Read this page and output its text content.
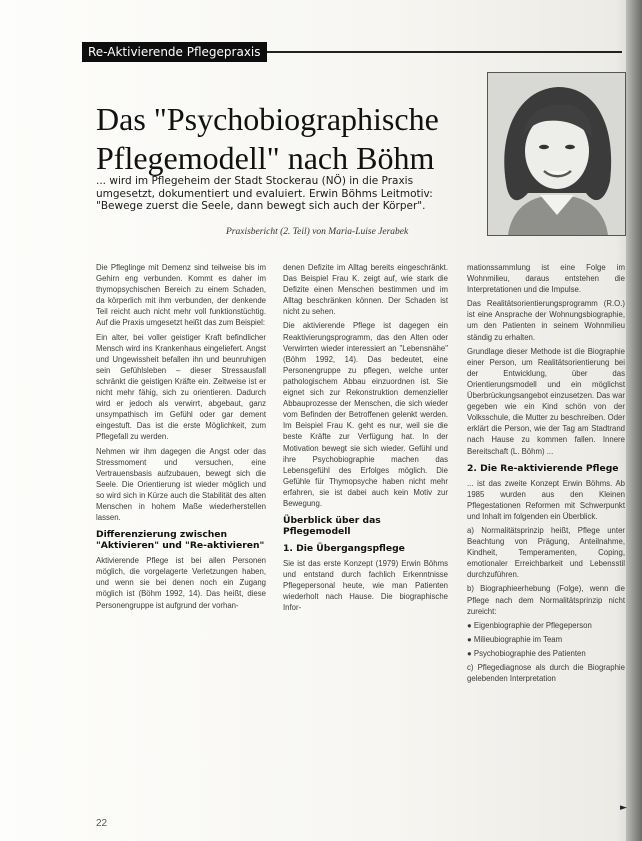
Re-Aktivierende Pflegepraxis
Das "Psychobiographische
Pflegemodell" nach Böhm
... wird im Pflegeheim der Stadt Stockerau (NÖ) in die Praxis umgesetzt, dokumentiert und evaluiert. Erwin Böhms Leitmotiv: "Bewege zuerst die Seele, dann bewegt sich auch der Körper".
Praxisbericht (2. Teil) von Maria-Luise Jerabek

Die Pfleglinge mit Demenz sind teilweise bis im Gehirn eng verbunden. Kommt es daher im thymopsychischen Bereich zu einem Schaden, da körperlich mit ihm verbunden, der denkende Teil reicht auch nicht mehr voll funktionstüchtig. Auf die Praxis umgesetzt heißt das zum Beispiel:

Ein alter, bei voller geistiger Kraft befindlicher Mensch wird ins Krankenhaus eingeliefert. Angst und Ungewissheit befallen ihn und beunruhigen sein Gefühlsleben – dieser Stressausfall schränkt die geistigen Kräfte ein. Zeitweise ist er nicht mehr fähig, sich zu orientieren. Dadurch wird er jedoch als verwirrt, abgebaut, ganz unsympathisch im Gefühl oder gar dement eingestuft. Das ist die erste Möglichkeit, zum Pflegefall zu werden.

Nehmen wir ihm dagegen die Angst oder das Stressmoment und versuchen, eine Vertrauensbasis aufzubauen, bewegt sich die Seele. Die Orientierung ist wieder möglich und so wird sich in Kürze auch die Stabilität des alten Menschen in hohem Maße wiederherstellen lassen.

Differenzierung zwischen
"Aktivieren" und "Re-aktivieren"

Aktivierende Pflege ist bei allen Personen möglich, die vorgelagerte Verletzungen haben, und wenn sie bei denen noch ein Zugang möglich ist (Böhm 1992, 14). Das heißt, diese Personengruppe ist aufgrund der vorhan-

denen Defizite im Alltag bereits eingeschränkt. Das Beispiel Frau K. zeigt auf, wie stark die Defizite einen Menschen bestimmen und im Alltag beschränken können. Der Schaden ist nicht zu sehen.

Die aktivierende Pflege ist dagegen ein Reaktivierungsprogramm, das den Alten oder Verwirrten wieder interessiert an "Lebensnähe" (Böhm 1992, 14). Das bedeutet, eine Personengruppe zu pflegen, welche unter pathologischem Abbau einzuordnen ist. Sie eignet sich zur Rekonstruktion demenzieller Abbauprozesse der Menschen, die sich wieder vom Befinden der Betroffenen gelenkt werden. Im Beispiel Frau K. geht es nur, weil sie die beste Kräfte zur Verfügung hat. In der Motivation bewegt sie sich wieder. Gefühl und ihre Psychobiographie machen das Lebensgefühl des Erfolges möglich. Die Gefühle für Thymopsyche haben nicht mehr erfahren, sie ist dabei auch kein Motiv zur Bewegung.

Überblick über das
Pflegemodell
1. Die Übergangspflege

Sie ist das erste Konzept (1979) Erwin Böhms und entstand durch fachlich Erkenntnisse Pflegepersonal heute, wie man Patienten wiederholt nach Hause. Die biographische Infor-

mationssammlung ist eine Folge im Wohnmilieu, daraus entstehen die Interpretationen und die Impulse.

Das Realitätsorientierungsprogramm (R.O.) ist eine Ansprache der Wohnungsbiographie, um den Patienten in seinem Wohnmilieu ständig zu erhalten.

Grundlage dieser Methode ist die Biographie einer Person, um Realitätsorientierung bei der Entwicklung, über das Orientierungsmodell und ein möglichst Überbrückungsangebot einzusetzen. Das war gegeben wie ein Kind schön von der Volksschule, die Mutter zu beschreiben. Oder erklärt die Person, wie der Tag am Stadtrand nach Hause zu kommen fallen. Innere Bereitschaft (L. Böhm) ...

2. Die Re-aktivierende Pflege

... ist das zweite Konzept Erwin Böhms. Ab 1985 wurden aus den Kleinen Pflegestationen Reformen mit Schwerpunkt und Inhalt im folgenden ein Überblick.

a) Normalitätsprinzip heißt, Pflege unter Beachtung von Prägung, Anteilnahme, Kindheit, Temperamenten, Coping, emotionaler Erreichbarkeit und Lebensstil durchzuführen.

b) Biographieerhebung (Folge), wenn die Pflege nach dem Normalitätsprinzip nicht zureicht:

● Eigenbiographie der Pflegeperson

● Milieubiographie im Team

● Psychobiographie des Patienten

c) Pflegediagnose als durch die Biographie gelebenden Interpretation

►
22
